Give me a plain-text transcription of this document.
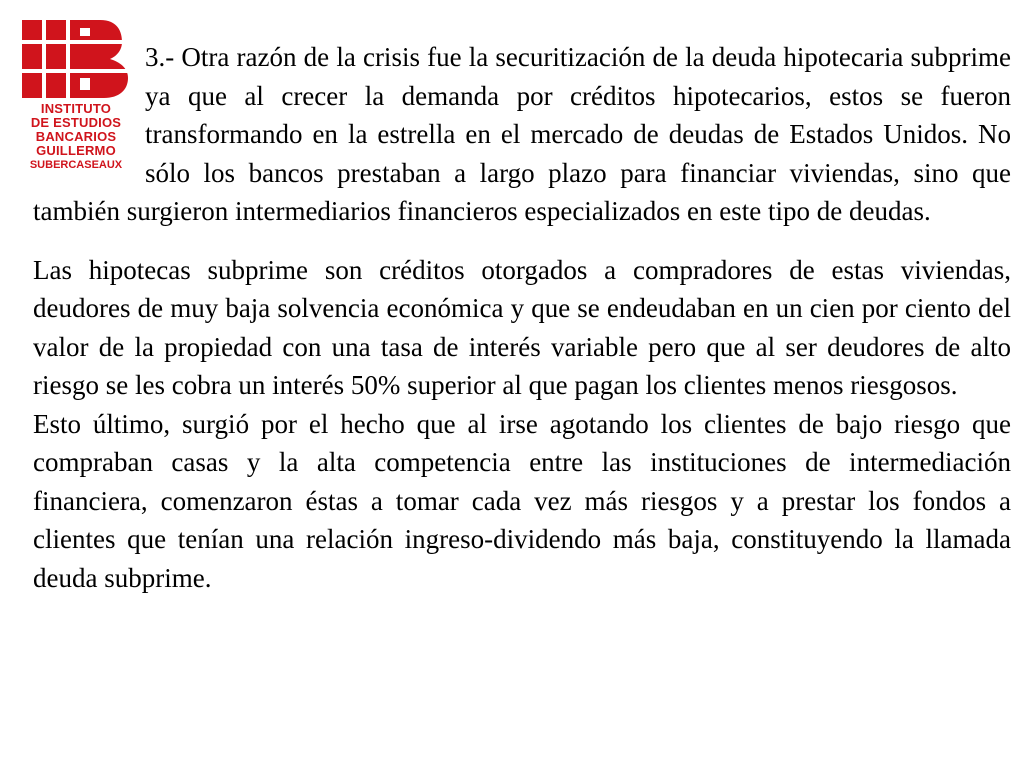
INSTITUTO
DE ESTUDIOS
BANCARIOS
GUILLERMO
SUBERCASEAUX

3.- Otra razón de la crisis fue la securitización de la deuda hipotecaria subprime ya que al crecer la demanda por créditos hipotecarios, estos se fueron transformando en la estrella en el mercado de deudas de Estados Unidos. No sólo los bancos prestaban a largo plazo para financiar viviendas, sino que también surgieron intermediarios financieros especializados en este tipo de deudas.

Las hipotecas subprime son créditos otorgados a compradores de estas viviendas, deudores de muy baja solvencia económica y que se endeudaban en un cien por ciento del valor de la propiedad con una tasa de interés variable pero que al ser deudores de alto riesgo se les cobra un interés 50% superior al que pagan los clientes menos riesgosos.

Esto último, surgió por el hecho que al irse agotando los clientes de bajo riesgo que compraban casas y la alta competencia entre las instituciones de intermediación financiera, comenzaron éstas a tomar cada vez más riesgos y a prestar los fondos a clientes que tenían una relación ingreso-dividendo más baja, constituyendo la llamada deuda subprime.
